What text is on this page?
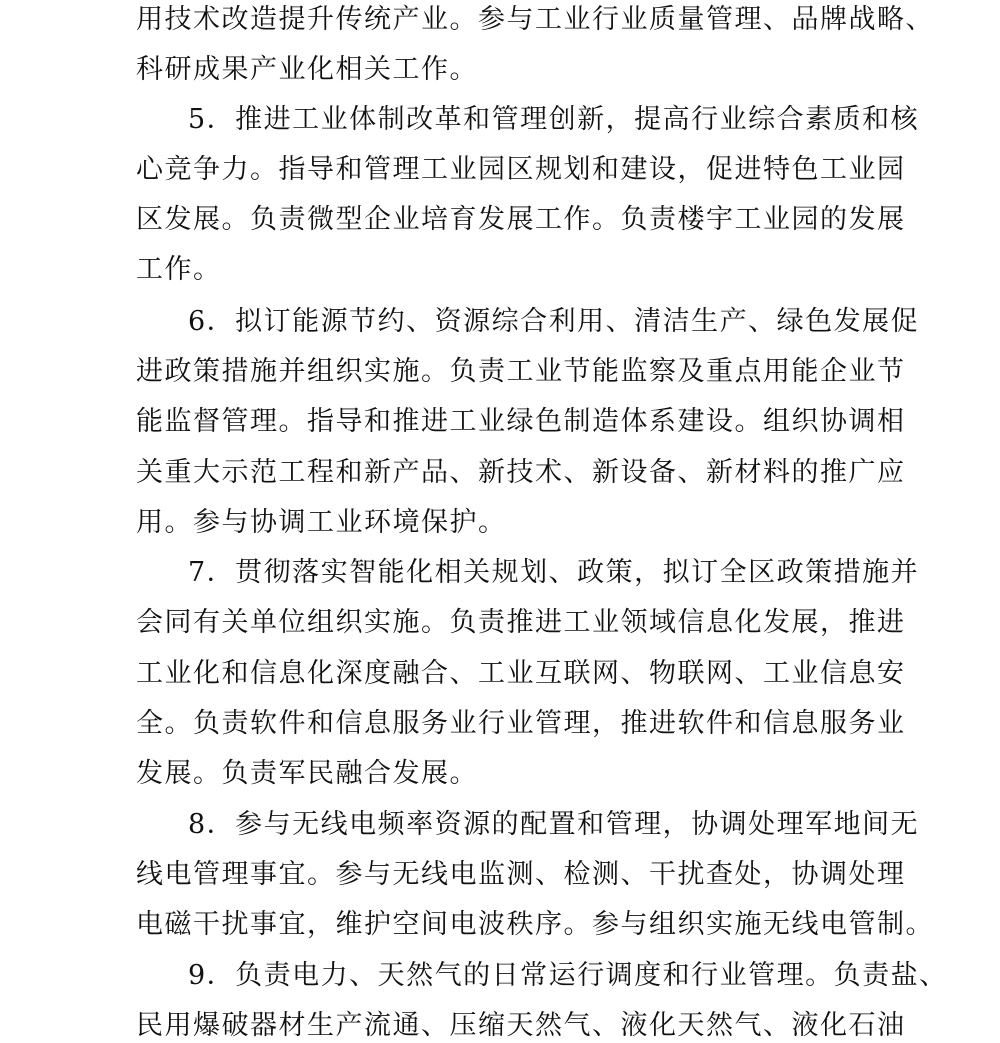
用技术改造提升传统产业。参与工业行业质量管理、品牌战略、
科研成果产业化相关工作。
5．推进工业体制改革和管理创新，提高行业综合素质和核
心竞争力。指导和管理工业园区规划和建设，促进特色工业园
区发展。负责微型企业培育发展工作。负责楼宇工业园的发展
工作。
6．拟订能源节约、资源综合利用、清洁生产、绿色发展促
进政策措施并组织实施。负责工业节能监察及重点用能企业节
能监督管理。指导和推进工业绿色制造体系建设。组织协调相
关重大示范工程和新产品、新技术、新设备、新材料的推广应
用。参与协调工业环境保护。
7．贯彻落实智能化相关规划、政策，拟订全区政策措施并
会同有关单位组织实施。负责推进工业领域信息化发展，推进
工业化和信息化深度融合、工业互联网、物联网、工业信息安
全。负责软件和信息服务业行业管理，推进软件和信息服务业
发展。负责军民融合发展。
8．参与无线电频率资源的配置和管理，协调处理军地间无
线电管理事宜。参与无线电监测、检测、干扰查处，协调处理
电磁干扰事宜，维护空间电波秩序。参与组织实施无线电管制。
9．负责电力、天然气的日常运行调度和行业管理。负责盐、
民用爆破器材生产流通、压缩天然气、液化天然气、液化石油
